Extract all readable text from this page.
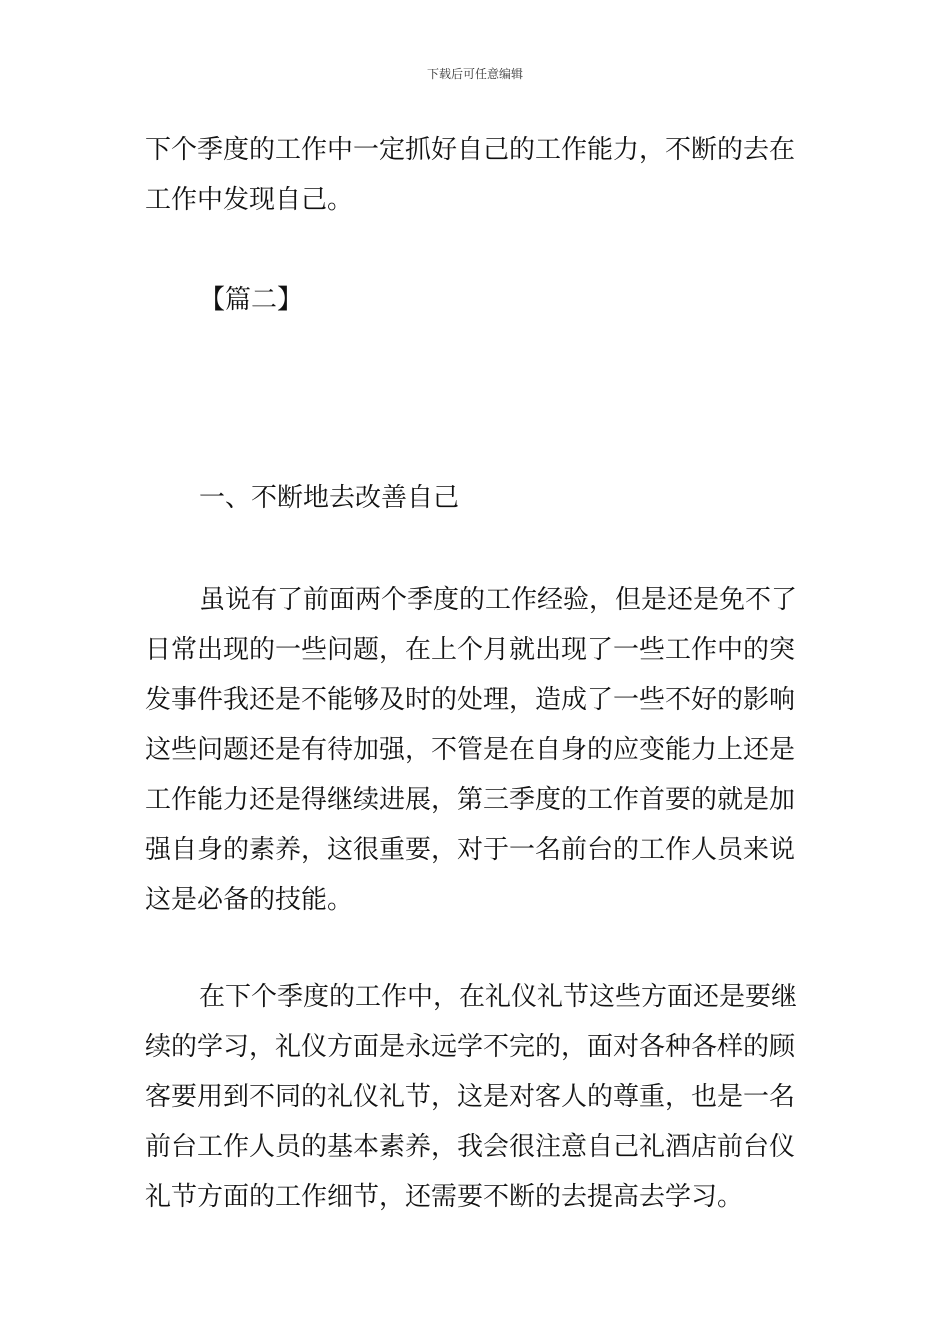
下载后可任意编辑

下个季度的工作中一定抓好自己的工作能力，不断的去在工作中发现自己。

【篇二】

一、不断地去改善自己

虽说有了前面两个季度的工作经验，但是还是免不了日常出现的一些问题，在上个月就出现了一些工作中的突发事件我还是不能够及时的处理，造成了一些不好的影响这些问题还是有待加强，不管是在自身的应变能力上还是工作能力还是得继续进展，第三季度的工作首要的就是加强自身的素养，这很重要，对于一名前台的工作人员来说这是必备的技能。

在下个季度的工作中，在礼仪礼节这些方面还是要继续的学习，礼仪方面是永远学不完的，面对各种各样的顾客要用到不同的礼仪礼节，这是对客人的尊重，也是一名前台工作人员的基本素养，我会很注意自己礼酒店前台仪礼节方面的工作细节，还需要不断的去提高去学习。
